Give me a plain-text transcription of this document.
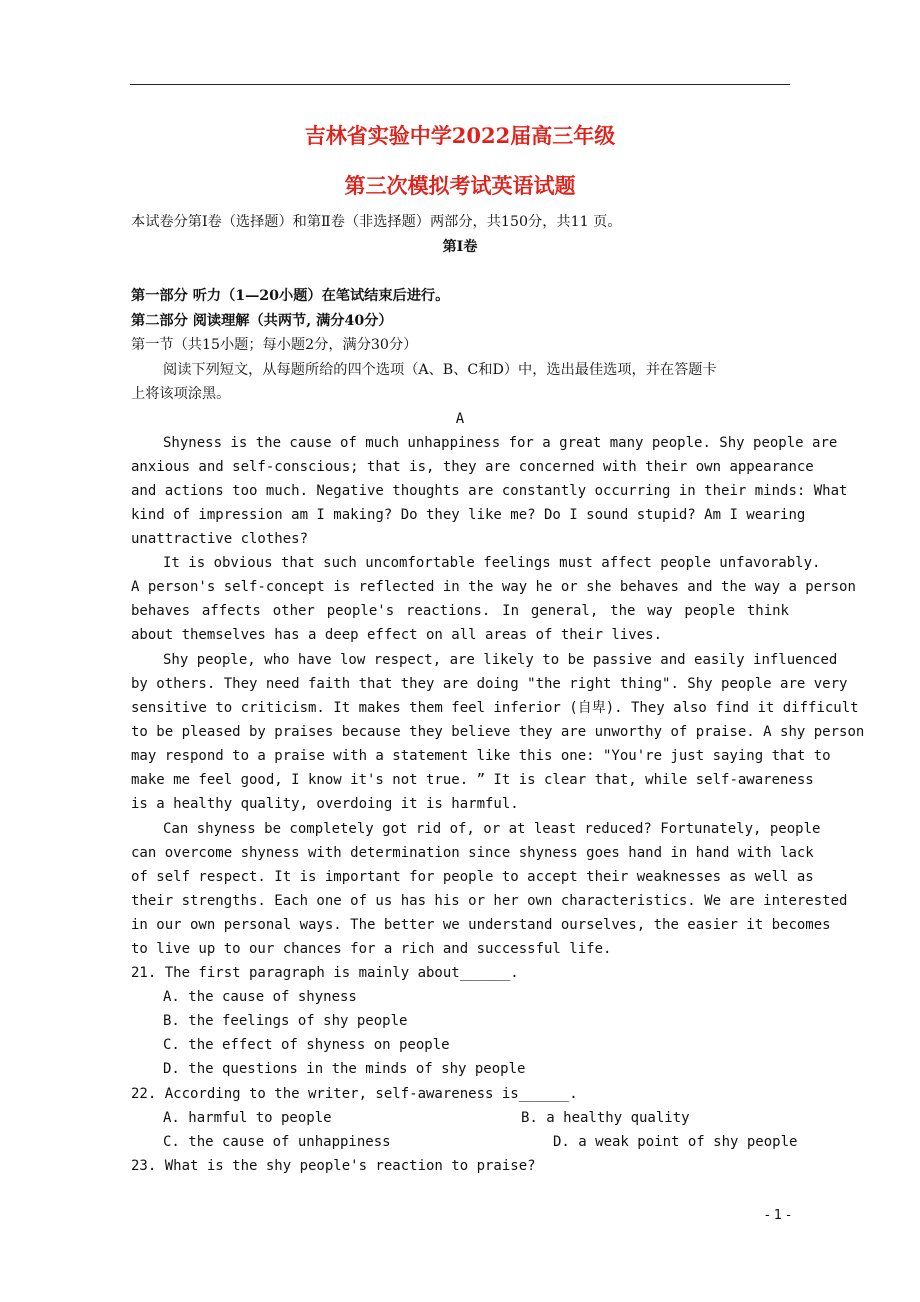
吉林省实验中学2022届高三年级
第三次模拟考试英语试题
本试卷分第Ⅰ卷（选择题）和第Ⅱ卷（非选择题）两部分，共150分，共11 页。
第Ⅰ卷
第一部分 听力（1—20小题）在笔试结束后进行。
第二部分 阅读理解（共两节, 满分40分）
第一节（共15小题；每小题2分，满分30分）
阅读下列短文，从每题所给的四个选项（A、B、C和D）中，选出最佳选项，并在答题卡
上将该项涂黑。
A
Shyness is the cause of much unhappiness for a great many people. Shy people are
anxious and self-conscious; that is, they are concerned with their own appearance
and actions too much. Negative thoughts are constantly occurring in their minds: What
kind of impression am I making? Do they like me? Do I sound stupid? Am I wearing
unattractive clothes?
It is obvious that such uncomfortable feelings must affect people unfavorably.
A person's self-concept is reflected in the way he or she behaves and the way a person
behaves affects other people's reactions. In general, the way people think
about themselves has a deep effect on all areas of their lives.
Shy people, who have low respect, are likely to be passive and easily influenced
by others. They need faith that they are doing "the right thing". Shy people are very
sensitive to criticism. It makes them feel inferior (自卑). They also find it difficult
to be pleased by praises because they believe they are unworthy of praise. A shy person
may respond to a praise with a statement like this one: "You're just saying that to
make me feel good, I know it's not true. ” It is clear that, while self-awareness
is a healthy quality, overdoing it is harmful.
Can shyness be completely got rid of, or at least reduced? Fortunately, people
can overcome shyness with determination since shyness goes hand in hand with lack
of self respect. It is important for people to accept their weaknesses as well as
their strengths. Each one of us has his or her own characteristics. We are interested
in our own personal ways. The better we understand ourselves, the easier it becomes
to live up to our chances for a rich and successful life.
21. The first paragraph is mainly about______.
A. the cause of shyness
B. the feelings of shy people
C. the effect of shyness on people
D. the questions in the minds of shy people
22. According to the writer, self-awareness is______.
A. harmful to people	B. a healthy quality
C. the cause of unhappiness	D. a weak point of shy people
23. What is the shy people's reaction to praise?
- 1 -
